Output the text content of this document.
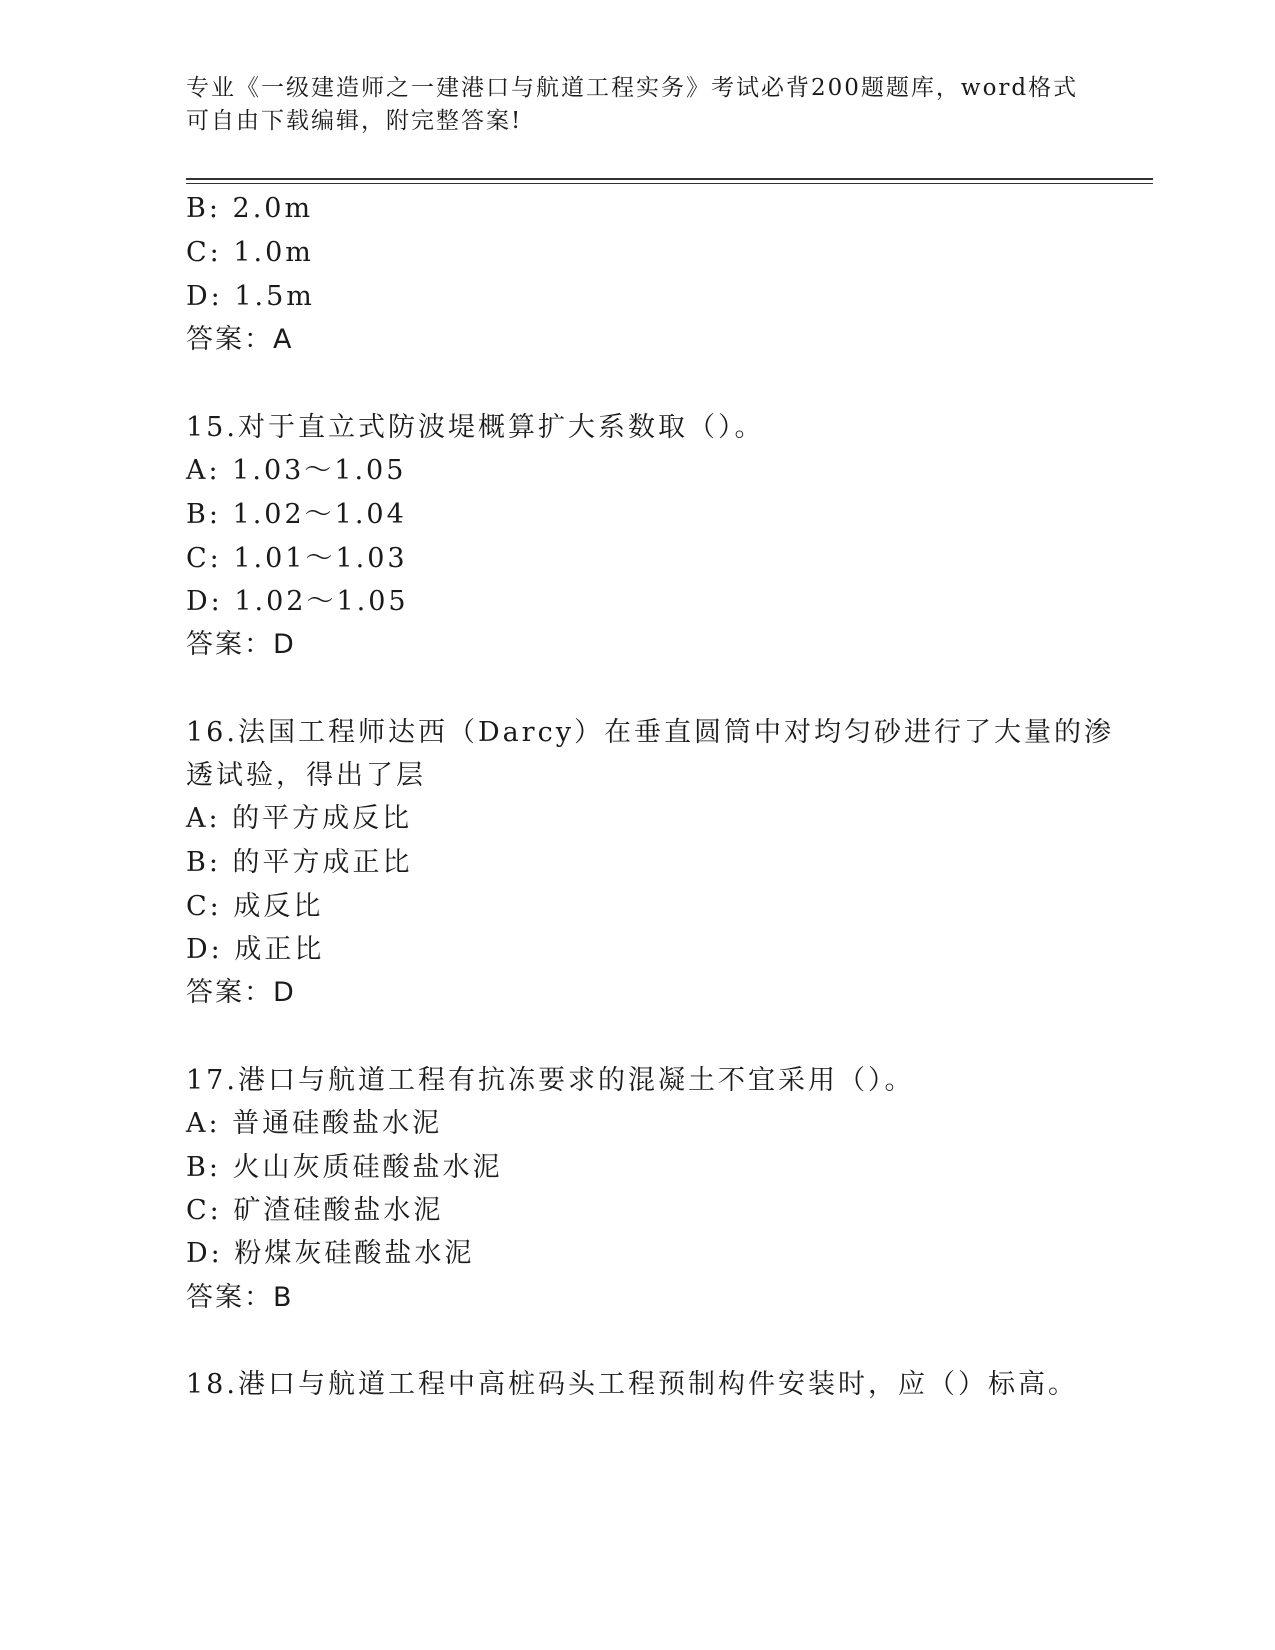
专业《一级建造师之一建港口与航道工程实务》考试必背200题题库，word格式
可自由下载编辑，附完整答案!
B: 2.0m
C: 1.0m
D: 1.5m
答案：A
15.对于直立式防波堤概算扩大系数取（）。
A: 1.03～1.05
B: 1.02～1.04
C: 1.01～1.03
D: 1.02～1.05
答案：D
16.法国工程师达西（Darcy）在垂直圆筒中对均匀砂进行了大量的渗
透试验，得出了层
A: 的平方成反比
B: 的平方成正比
C: 成反比
D: 成正比
答案：D
17.港口与航道工程有抗冻要求的混凝土不宜采用（）。
A: 普通硅酸盐水泥
B: 火山灰质硅酸盐水泥
C: 矿渣硅酸盐水泥
D: 粉煤灰硅酸盐水泥
答案：B
18.港口与航道工程中高桩码头工程预制构件安装时，应（）标高。
